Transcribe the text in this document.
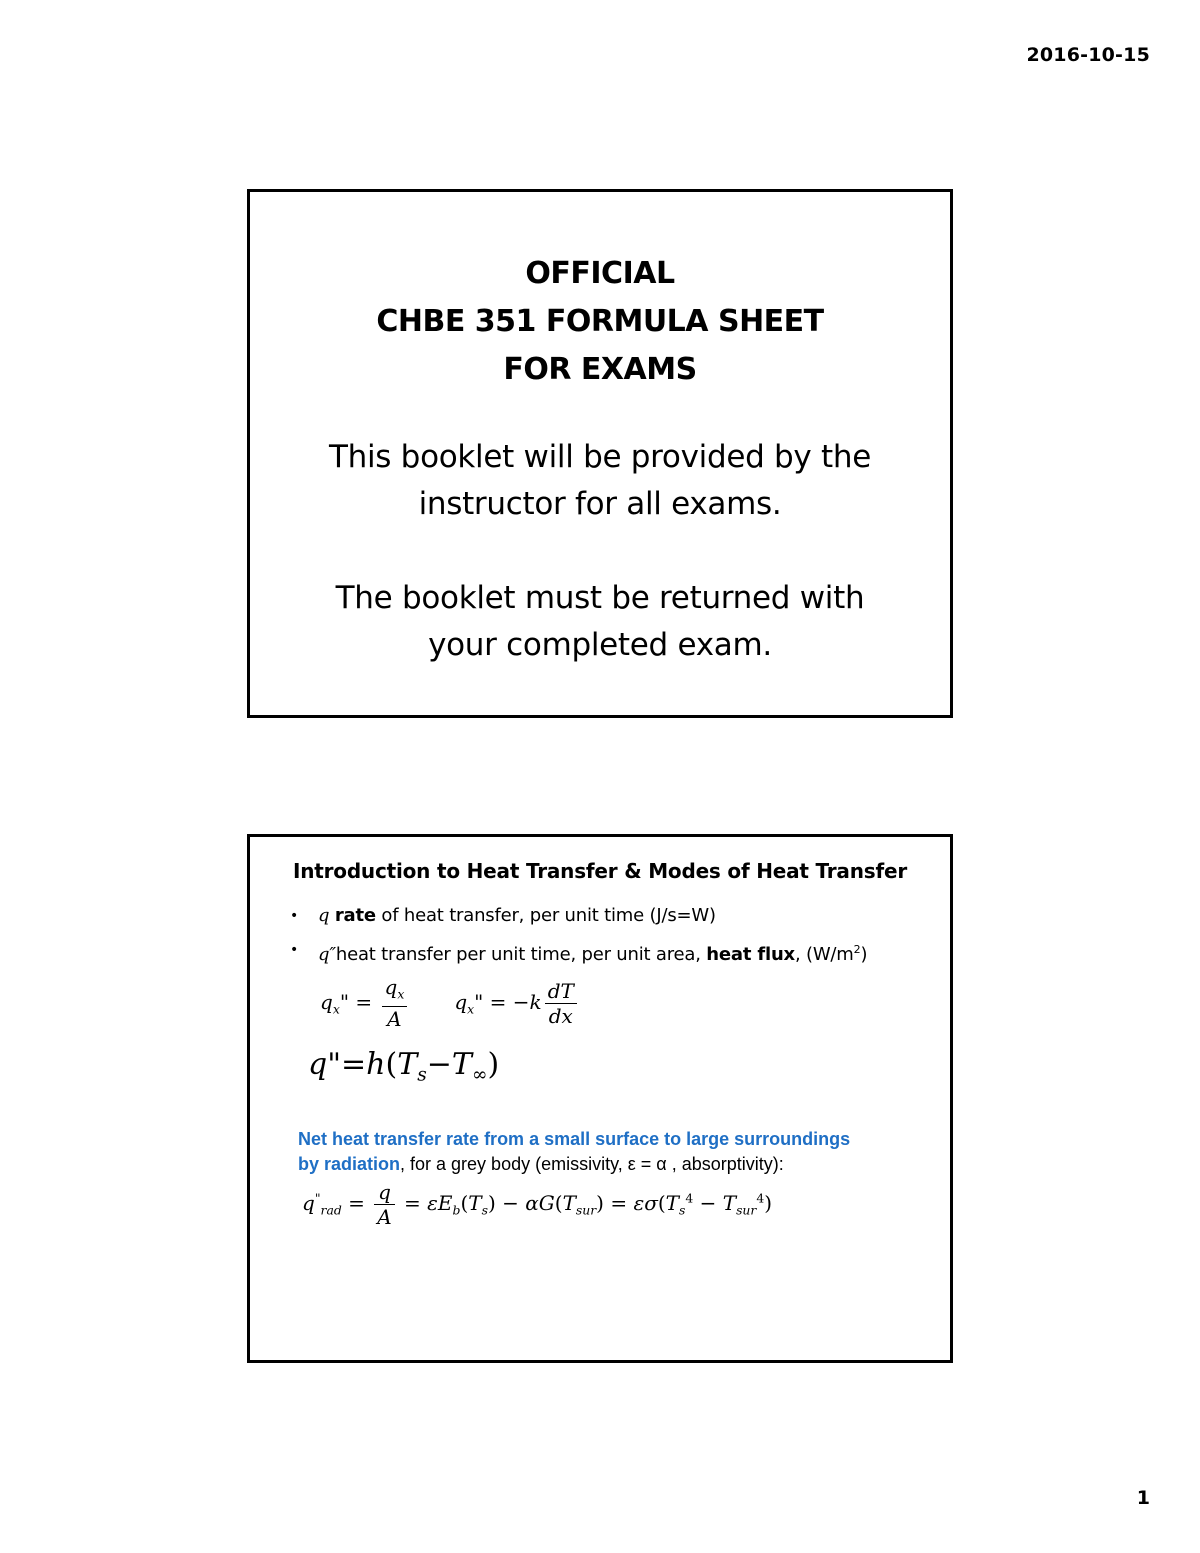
2016-10-15
OFFICIAL
CHBE 351 FORMULA SHEET
FOR EXAMS
This booklet will be provided by the
instructor for all exams.
The booklet must be returned with
your completed exam.
Introduction to Heat Transfer & Modes of Heat Transfer
• q rate of heat transfer, per unit time (J/s=W)
• q″heat transfer per unit time, per unit area, heat flux, $(W/m^2)$
$q_x$" = $\frac{q_x}{A} q_x$" = $-k \frac{dT}{dx}$
$q"=h(T_s-T_\infty)$
Net heat transfer rate from a small surface to large surroundings
by radiation, for a grey body (emissivity, ε = α , absorptivity):
$q^"_{rad} = \frac{q}{A} = \varepsilon E_b(T_s) - \alpha G(T_{sur}) = \varepsilon\sigma(T_s^4 - T_{sur}^4)$
1
